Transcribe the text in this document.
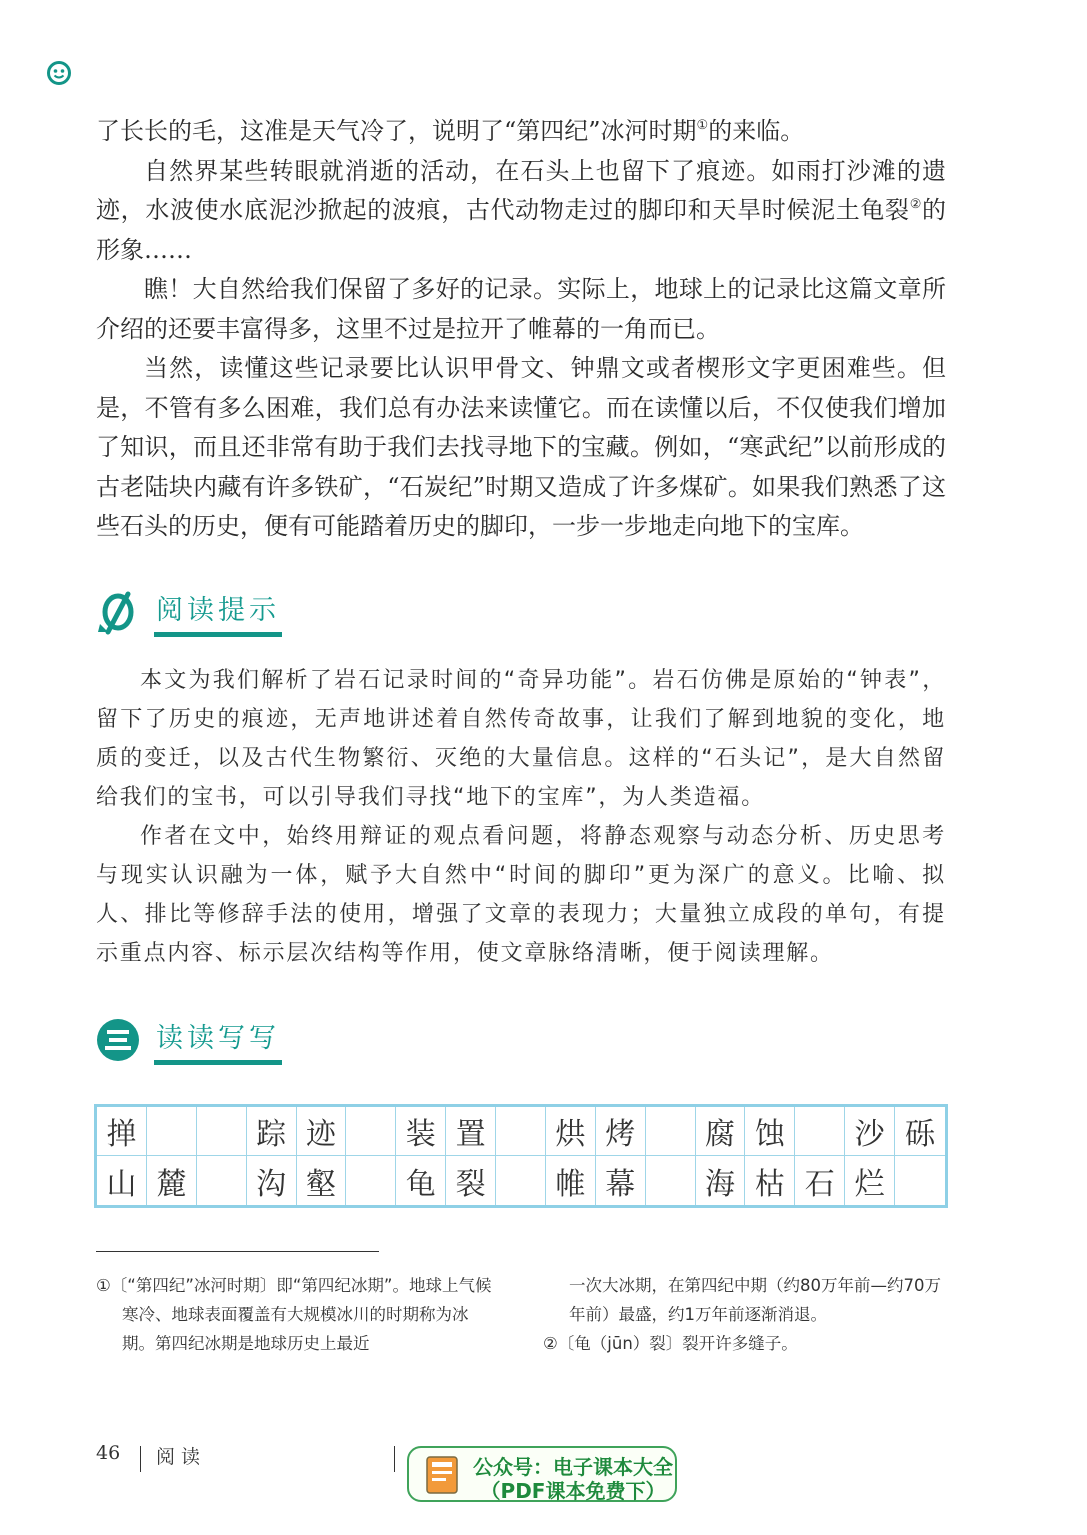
了长长的毛，这准是天气冷了，说明了“第四纪”冰河时期①的来临。

自然界某些转眼就消逝的活动，在石头上也留下了痕迹。如雨打沙滩的遗迹，水波使水底泥沙掀起的波痕，古代动物走过的脚印和天旱时候泥土龟裂②的形象……

瞧！大自然给我们保留了多好的记录。实际上，地球上的记录比这篇文章所介绍的还要丰富得多，这里不过是拉开了帷幕的一角而已。

当然，读懂这些记录要比认识甲骨文、钟鼎文或者楔形文字更困难些。但是，不管有多么困难，我们总有办法来读懂它。而在读懂以后，不仅使我们增加了知识，而且还非常有助于我们去找寻地下的宝藏。例如，“寒武纪”以前形成的古老陆块内藏有许多铁矿，“石炭纪”时期又造成了许多煤矿。如果我们熟悉了这些石头的历史，便有可能踏着历史的脚印，一步一步地走向地下的宝库。

阅读提示

本文为我们解析了岩石记录时间的“奇异功能”。岩石仿佛是原始的“钟表”，留下了历史的痕迹，无声地讲述着自然传奇故事，让我们了解到地貌的变化，地质的变迁，以及古代生物繁衍、灭绝的大量信息。这样的“石头记”，是大自然留给我们的宝书，可以引导我们寻找“地下的宝库”，为人类造福。

作者在文中，始终用辩证的观点看问题，将静态观察与动态分析、历史思考与现实认识融为一体，赋予大自然中“时间的脚印”更为深广的意义。比喻、拟人、排比等修辞手法的使用，增强了文章的表现力；大量独立成段的单句，有提示重点内容、标示层次结构等作用，使文章脉络清晰，便于阅读理解。

读读写写
掸	踪 迹	装 置	烘 烤	腐 蚀	沙 砾
山 麓	沟 壑	龟 裂	帷 幕	海 枯 石 烂
①〔“第四纪”冰河时期〕即“第四纪冰期”。地球上气候寒冷、地球表面覆盖有大规模冰川的时期称为冰期。第四纪冰期是地球历史上最近
一次大冰期，在第四纪中期（约80万年前—约70万年前）最盛，约1万年前逐渐消退。
②〔龟（jūn）裂〕裂开许多缝子。
46 阅读	公众号：电子课本大全
（PDF课本免费下）
